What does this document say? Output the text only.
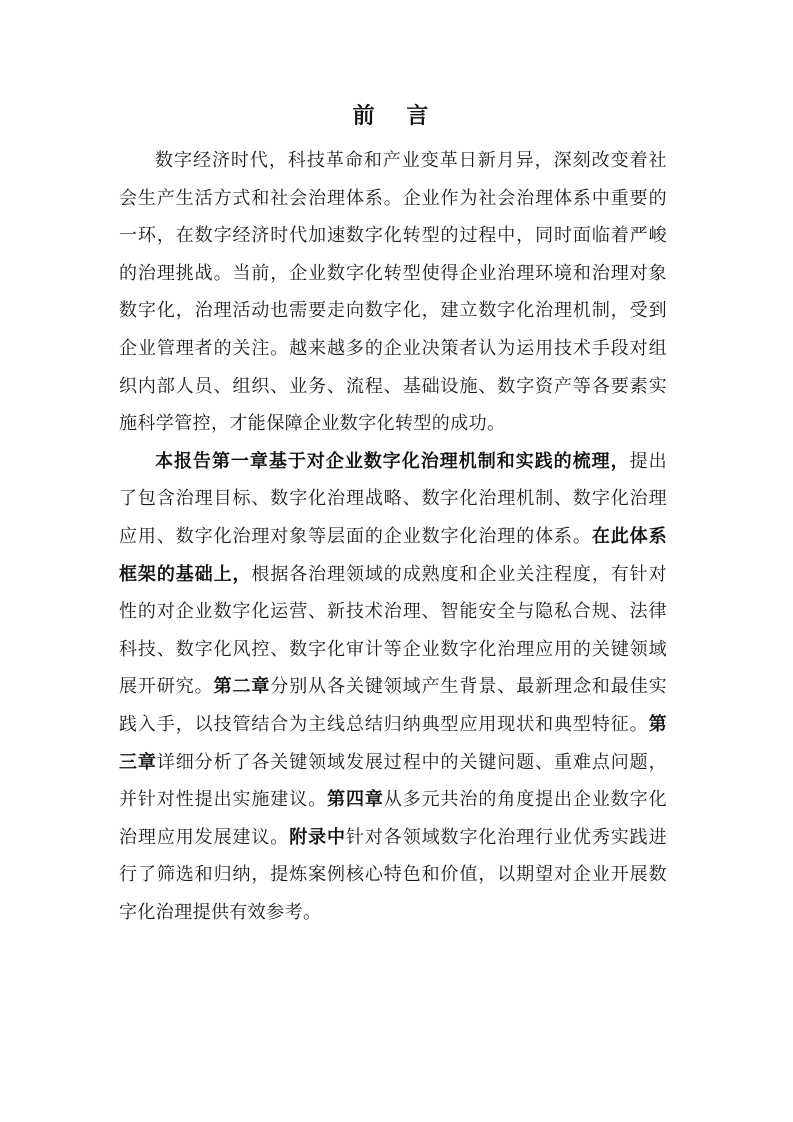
前 言

数字经济时代，科技革命和产业变革日新月异，深刻改变着社会生产生活方式和社会治理体系。企业作为社会治理体系中重要的一环，在数字经济时代加速数字化转型的过程中，同时面临着严峻的治理挑战。当前，企业数字化转型使得企业治理环境和治理对象数字化，治理活动也需要走向数字化，建立数字化治理机制，受到企业管理者的关注。越来越多的企业决策者认为运用技术手段对组织内部人员、组织、业务、流程、基础设施、数字资产等各要素实施科学管控，才能保障企业数字化转型的成功。

本报告第一章基于对企业数字化治理机制和实践的梳理，提出了包含治理目标、数字化治理战略、数字化治理机制、数字化治理应用、数字化治理对象等层面的企业数字化治理的体系。在此体系框架的基础上，根据各治理领域的成熟度和企业关注程度，有针对性的对企业数字化运营、新技术治理、智能安全与隐私合规、法律科技、数字化风控、数字化审计等企业数字化治理应用的关键领域展开研究。第二章分别从各关键领域产生背景、最新理念和最佳实践入手，以技管结合为主线总结归纳典型应用现状和典型特征。第三章详细分析了各关键领域发展过程中的关键问题、重难点问题，并针对性提出实施建议。第四章从多元共治的角度提出企业数字化治理应用发展建议。附录中针对各领域数字化治理行业优秀实践进行了筛选和归纳，提炼案例核心特色和价值，以期望对企业开展数字化治理提供有效参考。
